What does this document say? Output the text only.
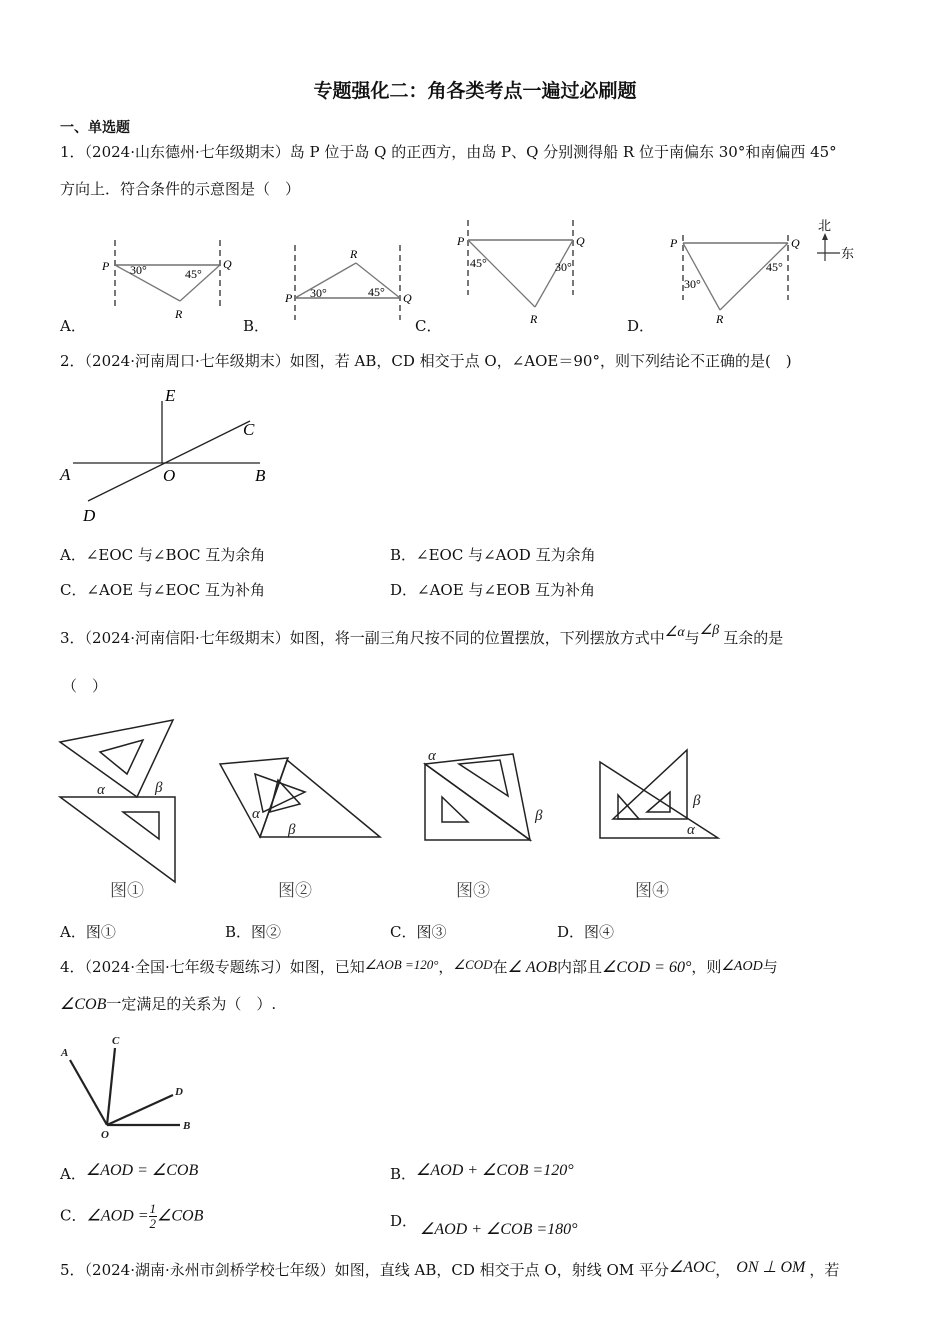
专题强化二：角各类考点一遍过必刷题
一、单选题
1．（2024·山东德州·七年级期末）岛 P 位于岛 Q 的正西方，由岛 P、Q 分别测得船 R 位于南偏东 30°和南偏西 45°
方向上．符合条件的示意图是（　）
P	Q
R
30°	45°
P	Q
R
30°	45°
P	Q
R
45°	30°
P	Q
R
45°
30°
北
东
A．	B．	C．	D．
2．（2024·河南周口·七年级期末）如图，若 AB，CD 相交于点 O，∠AOE＝90°，则下列结论不正确的是(　)
E
C
A	O	B
D
A．∠EOC 与∠BOC 互为余角	B．∠EOC 与∠AOD 互为余角
C．∠AOE 与∠EOC 互为补角	D．∠AOE 与∠EOB 互为补角
3．（2024·河南信阳·七年级期末）如图，将一副三角尺按不同的位置摆放，下列摆放方式中∠α与∠β 互余的是
（　）
α	β
α
β
α
β
β
α
图①	图②	图③	图④
A．图①	B．图②	C．图③	D．图④
4．（2024·全国·七年级专题练习）如图，已知∠AOB =120°，∠COD在∠ AOB内部且∠COD = 60°，则∠AOD与
∠COB一定满足的关系为（　）.
A
C
D
O
B
A．∠AOD = ∠COB	B．∠AOD + ∠COB =120°
C．∠AOD = $\frac{1}{2}$ ∠COB	D． ∠AOD + ∠COB =180°
5．（2024·湖南·永州市剑桥学校七年级）如图，直线 AB，CD 相交于点 O，射线 OM 平分∠AOC， ON ⊥ OM ，若
